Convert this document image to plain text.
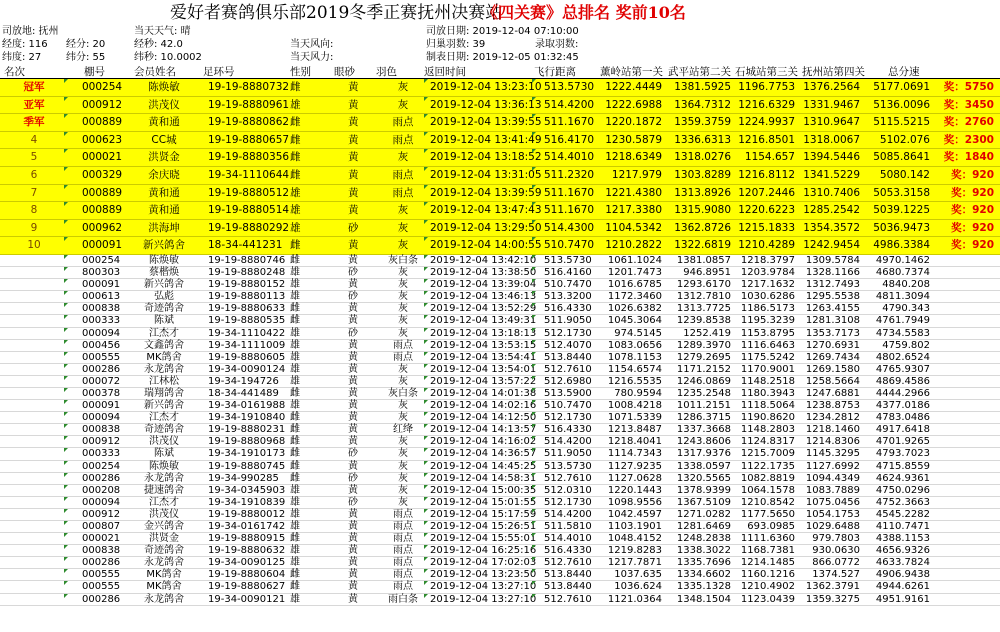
爱好者赛鸽俱乐部2019冬季正赛抚州决赛站
《四关赛》总排名 奖前10名
司放地: 抚州	当天天气: 晴	司放日期: 2019-12-04 07:10:00
经度: 116 经分: 20	经秒: 42.0	当天风向:	归巢羽数: 39	录取羽数:
纬度: 27 纬分: 55	纬秒: 10.0002	当天风力:	制表日期: 2019-12-05 01:32:45
名次	棚号	会员姓名	足环号	性别 眼砂 羽色	返回时间	飞行距离 薰岭站第一关 武平站第二关 石城站第三关 抚州站第四关 总分速
冠军	000254	陈焕敏	19-19-8880732 雌	黄	灰	2019-12-04 13:23:10 513.5730	1222.4449	1381.5925 1196.7753 1376.2564 5177.0691	奖：5750
亚军	000912	洪茂仪	19-19-8880961 雄	黄	灰	2019-12-04 13:36:13 514.4200	1222.6988	1364.7312 1216.6329 1331.9467 5136.0096	奖：3450
季军	000889	黄和通	19-19-8880862 雌	黄	雨点	2019-12-04 13:39:55 511.1670	1220.1872	1359.3759 1224.9937 1310.9647 5115.5215	奖：2760
4	000623	CC城	19-19-8880657 雌	黄	雨点	2019-12-04 13:41:49 516.4170	1230.5879	1336.6313 1216.8501 1318.0067	5102.076	奖：2300
5	000021	洪贤金	19-19-8880356 雌	黄	灰	2019-12-04 13:18:52 514.4010	1218.6349	1318.0276	1154.657 1394.5446 5085.8641	奖：1840
6	000329	余庆晓	19-34-1110644 雌	黄	雨点	2019-12-04 13:31:05 511.2320	1217.979	1303.8289 1216.8112 1341.5229	5080.142	奖：920
7	000889	黄和通	19-19-8880512 雄	黄	雨点	2019-12-04 13:39:59 511.1670	1221.4380	1313.8926 1207.2446 1310.7406 5053.3158	奖：920
8	000889	黄和通	19-19-8880514 雄	黄	灰	2019-12-04 13:47:43 511.1670	1217.3380	1315.9080 1220.6223 1285.2542 5039.1225	奖：920
9	000962	洪海坤	19-19-8880292 雄	砂	灰	2019-12-04 13:29:50 514.4300	1104.5342	1362.8726 1215.1833 1354.3572 5036.9473	奖：920
10	000091	新兴鸽舍	18-34-441231 雌	黄	灰	2019-12-04 14:00:55 510.7470	1210.2822	1322.6819 1210.4289 1242.9454 4986.3384	奖：920
000254	陈焕敏	19-19-8880746 雌	黄	灰白条	2019-12-04 13:42:10 513.5730	1061.1024	1381.0857 1218.3797	1309.5784	4970.1462
800303	蔡楷焕	19-19-8880248 雄	砂	灰	2019-12-04 13:38:50 516.4160	1201.7473	946.8951 1203.9784	1328.1166	4680.7374
000091	新兴鸽舍	19-19-8880152 雄	黄	灰	2019-12-04 13:39:04 510.7470	1016.6785	1293.6170 1217.1632	1312.7493	4840.208
000613	弘彪	19-19-8880113 雄	砂	灰	2019-12-04 13:46:13 513.3200	1172.3460	1312.7810 1030.6286	1295.5538	4811.3094
000838	奇迹鸽舍	19-19-8880633 雌	黄	灰	2019-12-04 13:52:29 516.4330	1026.6382	1313.7725 1186.5173	1263.4155	4790.343
000333	陈斌	19-19-8880535 雌	黄	灰	2019-12-04 13:49:31 511.9050	1045.3064	1239.8538 1195.3239	1281.3108	4761.7949
000094	江杰才	19-34-1110422 雄	砂	灰	2019-12-04 13:18:13 512.1730	974.5145	1252.419 1153.8795	1353.7173	4734.5583
000456	文鑫鸽舍	19-34-1111009 雄	黄	雨点	2019-12-04 13:53:15 512.4070	1083.0656	1289.3970 1116.6463	1270.6931	4759.802
000555	MK鸽舍	19-19-8880605 雄	黄	雨点	2019-12-04 13:54:41 513.8440	1078.1153	1279.2695 1175.5242	1269.7434	4802.6524
000286	永龙鸽舍	19-34-0090124 雄	黄	灰	2019-12-04 13:54:01 512.7610	1154.6574	1171.2152 1170.9001	1269.1580	4765.9307
000072	江林松	19-34-194726 雄	黄	灰	2019-12-04 13:57:22 512.6980	1216.5535	1246.0869 1148.2518	1258.5664	4869.4586
000378	瑞翔鸽舍	18-34-441489 雌	黄	灰白条	2019-12-04 14:01:38 513.5900	780.9594	1235.2548 1180.3943	1247.6881	4444.2966
000091	新兴鸽舍	19-34-0161988 雄	黄	灰	2019-12-04 14:02:16 510.7470	1008.4218	1011.2151 1118.5064	1238.8753	4377.0186
000094	江杰才	19-34-1910840 雌	黄	灰	2019-12-04 14:12:50 512.1730	1071.5339	1286.3715 1190.8620	1234.2812	4783.0486
000838	奇迹鸽舍	19-19-8880231 雌	黄	红绛	2019-12-04 14:13:57 516.4330	1213.8487	1337.3668 1148.2803	1218.1460	4917.6418
000912	洪茂仪	19-19-8880968 雌	黄	灰	2019-12-04 14:16:02 514.4200	1218.4041	1243.8606 1124.8317	1214.8306	4701.9265
000333	陈斌	19-34-1910173 雌	砂	灰	2019-12-04 14:36:57 511.9050	1114.7343	1317.9376 1215.7009	1145.3295	4793.7023
000254	陈焕敏	19-19-8880745 雌	黄	灰	2019-12-04 14:45:25 513.5730	1127.9235	1338.0597 1122.1735	1127.6992	4715.8559
000286	永龙鸽舍	19-34-990285 雌	砂	灰	2019-12-04 14:58:31 512.7610	1127.0628	1320.5565 1082.8819	1094.4349	4624.9361
000208	捷速鸽舍	19-34-0345903 雄	黄	灰	2019-12-04 15:00:35 512.0310	1220.1443	1378.9399 1064.1578	1083.7889	4750.0296
000094	江杰才	19-34-1910839 雄	砂	灰	2019-12-04 15:01:55 512.1730	1098.9556	1367.5109 1210.8542	1075.0456	4752.3663
000912	洪茂仪	19-19-8880012 雄	黄	雨点	2019-12-04 15:17:59 514.4200	1042.4597	1271.0282 1177.5650	1054.1753	4545.2282
000807	金兴鸽舍	19-34-0161742 雄	黄	雨点	2019-12-04 15:26:51 511.5810	1103.1901	1281.6469	693.0985	1029.6488	4110.7471
000021	洪贤金	19-19-8880915 雌	黄	雨点	2019-12-04 15:55:01 514.4010	1048.4152	1248.2838 1111.6360	979.7803	4388.1153
000838	奇迹鸽舍	19-19-8880632 雄	黄	雨点	2019-12-04 16:25:16 516.4330	1219.8283	1338.3022 1168.7381	930.0630	4656.9326
000286	永龙鸽舍	19-34-0090125 雄	黄	雨点	2019-12-04 17:02:03 512.7610	1217.7871	1335.7696 1214.1485	866.0772	4633.7824
000555	MK鸽舍	19-19-8880604 雌	黄	雨点	2019-12-04 13:23:50 513.8440	1037.635	1334.6602 1160.1216	1374.527	4906.9438
000555	MK鸽舍	19-19-8880627 雌	黄	雨点	2019-12-04 13:27:10 513.8440	1036.624	1335.1328 1210.4902	1362.3791	4944.6261
000286	永龙鸽舍	19-34-0090121 雄	黄	雨白条	2019-12-04 13:27:10 512.7610	1121.0364	1348.1504 1123.0439	1359.3275	4951.9161
